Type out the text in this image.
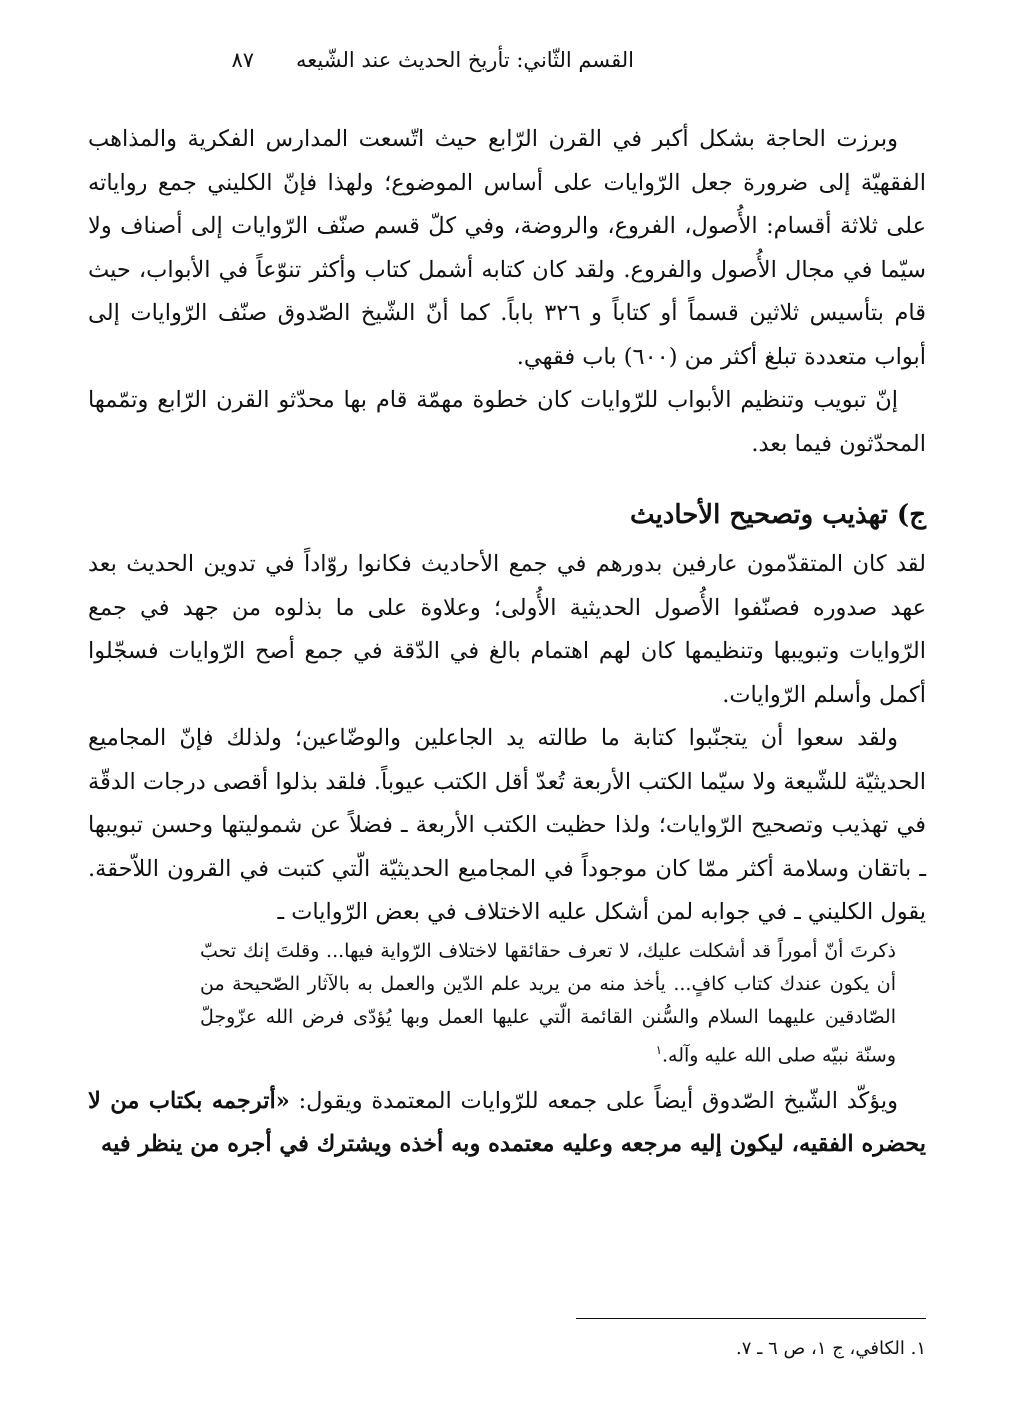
القسم الثّاني: تأريخ الحديث عند الشّيعه
٨٧

وبرزت الحاجة بشكل أكبر في القرن الرّابع حيث اتّسعت المدارس الفكرية والمذاهب الفقهيّة إلى ضرورة جعل الرّوايات على أساس الموضوع؛ ولهذا فإنّ الكليني جمع رواياته على ثلاثة أقسام: الأُصول، الفروع، والروضة، وفي كلّ قسم صنّف الرّوايات إلى أصناف ولا سيّما في مجال الأُصول والفروع. ولقد كان كتابه أشمل كتاب وأكثر تنوّعاً في الأبواب، حيث قام بتأسيس ثلاثين قسماً أو كتاباً و ٣٢٦ باباً. كما أنّ الشّيخ الصّدوق صنّف الرّوايات إلى أبواب متعددة تبلغ أكثر من (٦٠٠) باب فقهي.

إنّ تبويب وتنظيم الأبواب للرّوايات كان خطوة مهمّة قام بها محدّثو القرن الرّابع وتمّمها المحدّثون فيما بعد.

ج) تهذيب وتصحيح الأحاديث

لقد كان المتقدّمون عارفين بدورهم في جمع الأحاديث فكانوا روّاداً في تدوين الحديث بعد عهد صدوره فصنّفوا الأُصول الحديثية الأُولى؛ وعلاوة على ما بذلوه من جهد في جمع الرّوايات وتبويبها وتنظيمها كان لهم اهتمام بالغ في الدّقة في جمع أصح الرّوايات فسجّلوا أكمل وأسلم الرّوايات.

ولقد سعوا أن يتجنّبوا كتابة ما طالته يد الجاعلين والوضّاعين؛ ولذلك فإنّ المجاميع الحديثيّة للشّيعة ولا سيّما الكتب الأربعة تُعدّ أقل الكتب عيوباً. فلقد بذلوا أقصى درجات الدقّة في تهذيب وتصحيح الرّوايات؛ ولذا حظيت الكتب الأربعة ـ فضلاً عن شموليتها وحسن تبويبها ـ باتقان وسلامة أكثر ممّا كان موجوداً في المجاميع الحديثيّة الّتي كتبت في القرون اللاّحقة. يقول الكليني ـ في جوابه لمن أشكل عليه الاختلاف في بعض الرّوايات ـ

ذكرتَ أنّ أموراً قد أشكلت عليك، لا تعرف حقائقها لاختلاف الرّواية فيها... وقلتَ إنك تحبّ أن يكون عندك كتاب كافٍ... يأخذ منه من يريد علم الدّين والعمل به بالآثار الصّحيحة من الصّادقين عليهما السلام والسُّنن القائمة الّتي عليها العمل وبها يُؤدّى فرض الله عزّوجلّ وسنّة نبيّه صلى الله عليه وآله.$^١$

ويؤكّد الشّيخ الصّدوق أيضاً على جمعه للرّوايات المعتمدة ويقول: «أترجمه بكتاب من لا يحضره الفقيه، ليكون إليه مرجعه وعليه معتمده وبه أخذه ويشترك في أجره من ينظر فيه

١. الكافي، ج ١، ص ٦ ـ ٧.
